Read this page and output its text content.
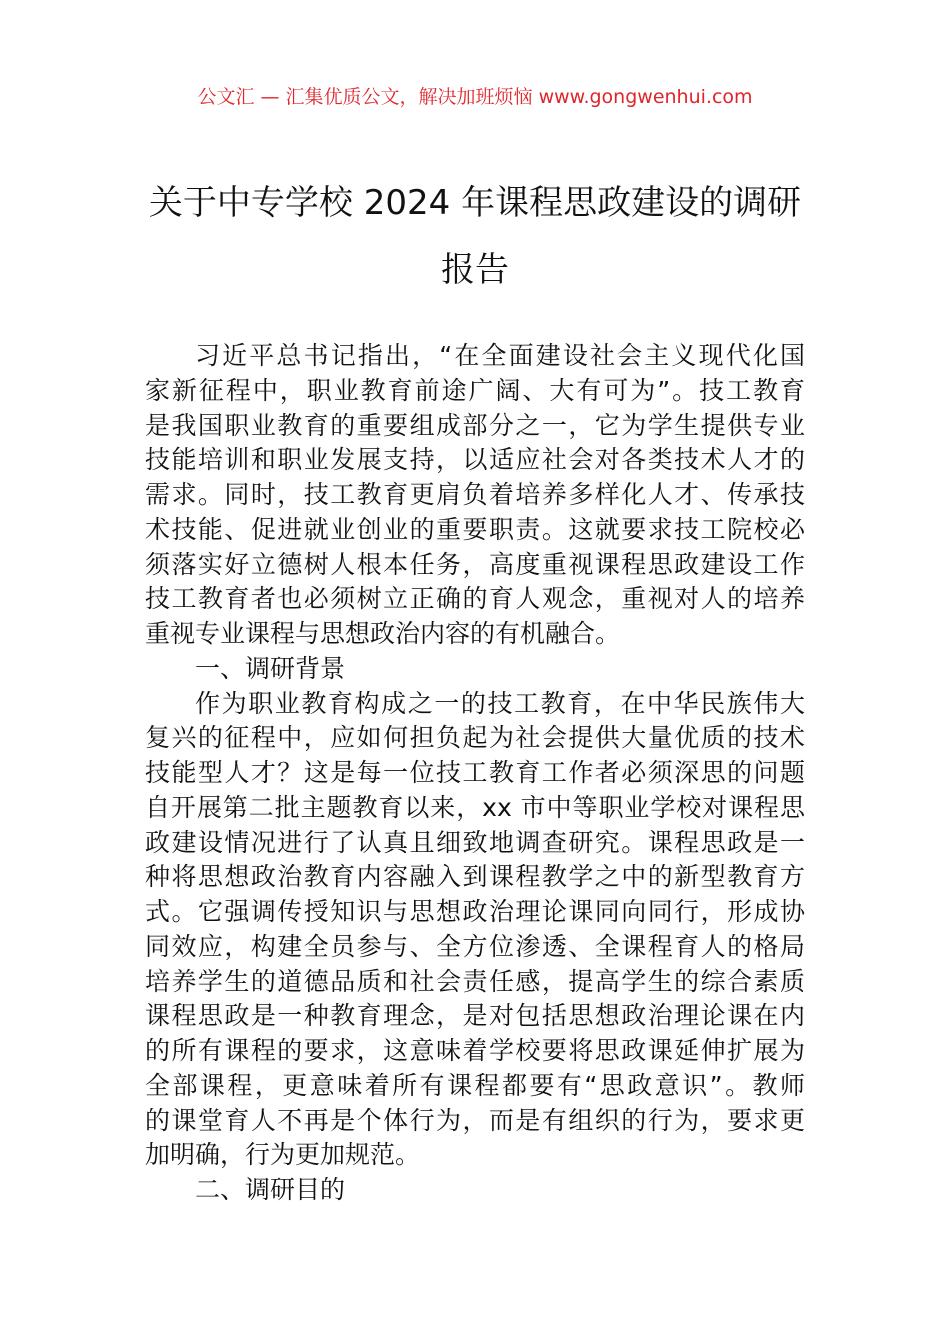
公文汇 — 汇集优质公文，解决加班烦恼 www.gongwenhui.com
关于中专学校 2024 年课程思政建设的调研
报告
习近平总书记指出，“在全面建设社会主义现代化国
家新征程中，职业教育前途广阔、大有可为”。技工教育
是我国职业教育的重要组成部分之一，它为学生提供专业
技能培训和职业发展支持，以适应社会对各类技术人才的
需求。同时，技工教育更肩负着培养多样化人才、传承技
术技能、促进就业创业的重要职责。这就要求技工院校必
须落实好立德树人根本任务，高度重视课程思政建设工作
技工教育者也必须树立正确的育人观念，重视对人的培养
重视专业课程与思想政治内容的有机融合。
一、调研背景
作为职业教育构成之一的技工教育，在中华民族伟大
复兴的征程中，应如何担负起为社会提供大量优质的技术
技能型人才？这是每一位技工教育工作者必须深思的问题
自开展第二批主题教育以来，xx 市中等职业学校对课程思
政建设情况进行了认真且细致地调查研究。课程思政是一
种将思想政治教育内容融入到课程教学之中的新型教育方
式。它强调传授知识与思想政治理论课同向同行，形成协
同效应，构建全员参与、全方位渗透、全课程育人的格局
培养学生的道德品质和社会责任感，提高学生的综合素质
课程思政是一种教育理念，是对包括思想政治理论课在内
的所有课程的要求，这意味着学校要将思政课延伸扩展为
全部课程，更意味着所有课程都要有“思政意识”。教师
的课堂育人不再是个体行为，而是有组织的行为，要求更
加明确，行为更加规范。
二、调研目的
